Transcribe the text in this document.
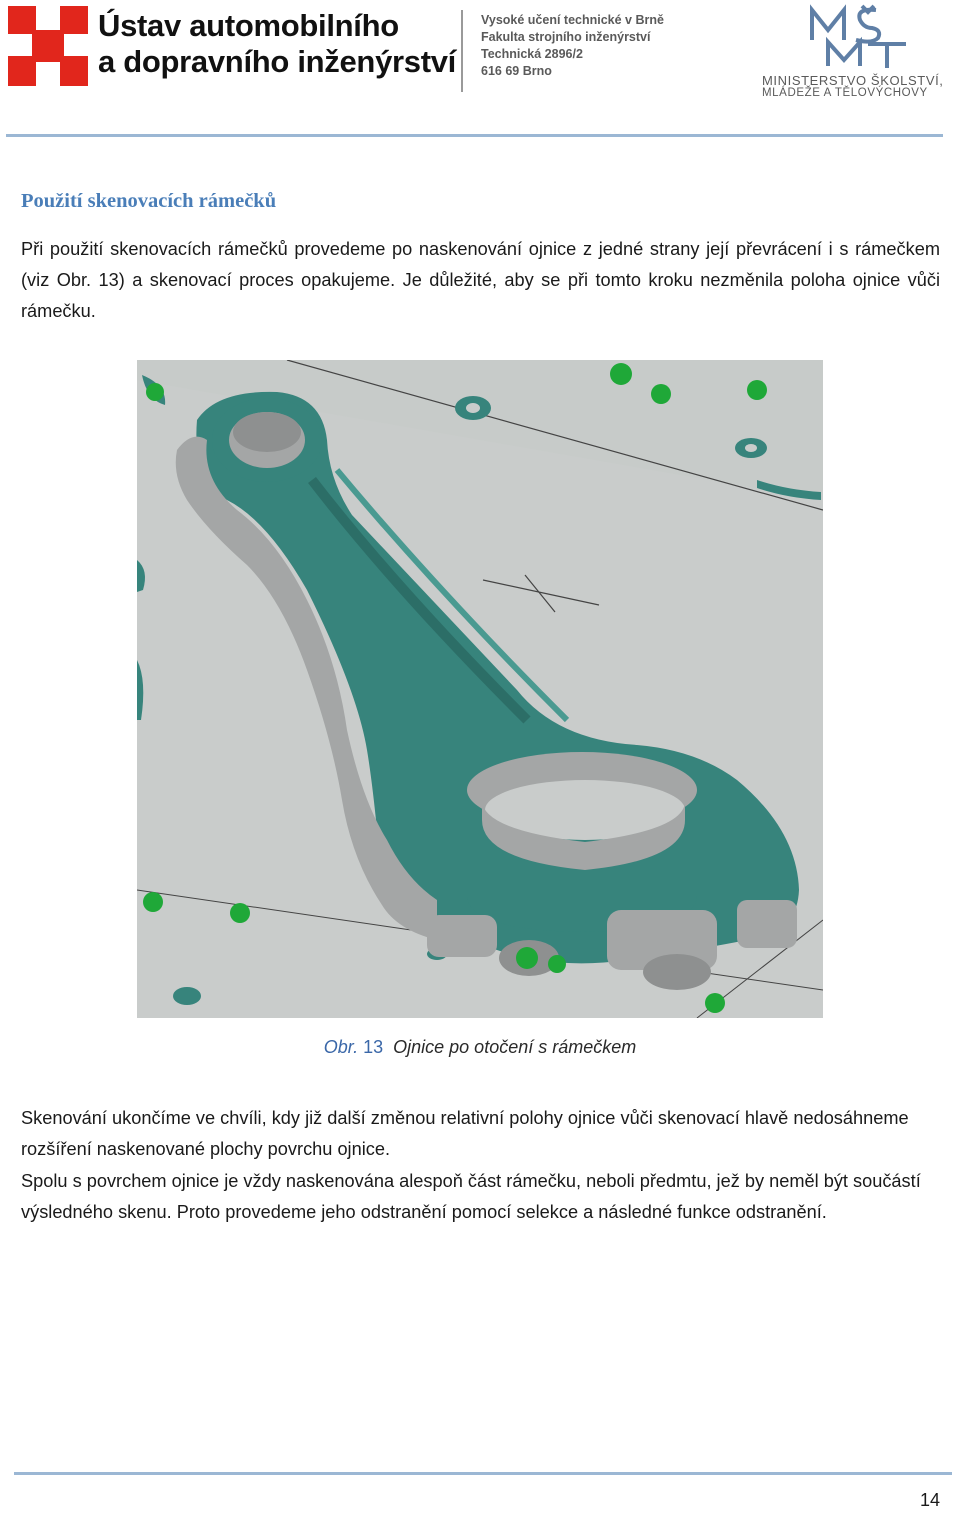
Ústav automobilního
a dopravního inženýrství
Vysoké učení technické v Brně
Fakulta strojního inženýrství
Technická 2896/2
616 69 Brno
MINISTERSTVO ŠKOLSTVÍ,
MLÁDEŽE A TĚLOVÝCHOVY
Použití skenovacích rámečků

Při použití skenovacích rámečků provedeme po naskenování ojnice z jedné strany její převrácení i s rámečkem (viz Obr. 13) a skenovací proces opakujeme. Je důležité, aby se při tomto kroku nezměnila poloha ojnice vůči rámečku.

Obr. 13 Ojnice po otočení s rámečkem

Skenování ukončíme ve chvíli, kdy již další změnou relativní polohy ojnice vůči skenovací hlavě nedosáhneme rozšíření naskenované plochy povrchu ojnice.

Spolu s povrchem ojnice je vždy naskenována alespoň část rámečku, neboli předmtu, jež by neměl být součástí výsledného skenu. Proto provedeme jeho odstranění pomocí selekce a následné funkce odstranění.

14
